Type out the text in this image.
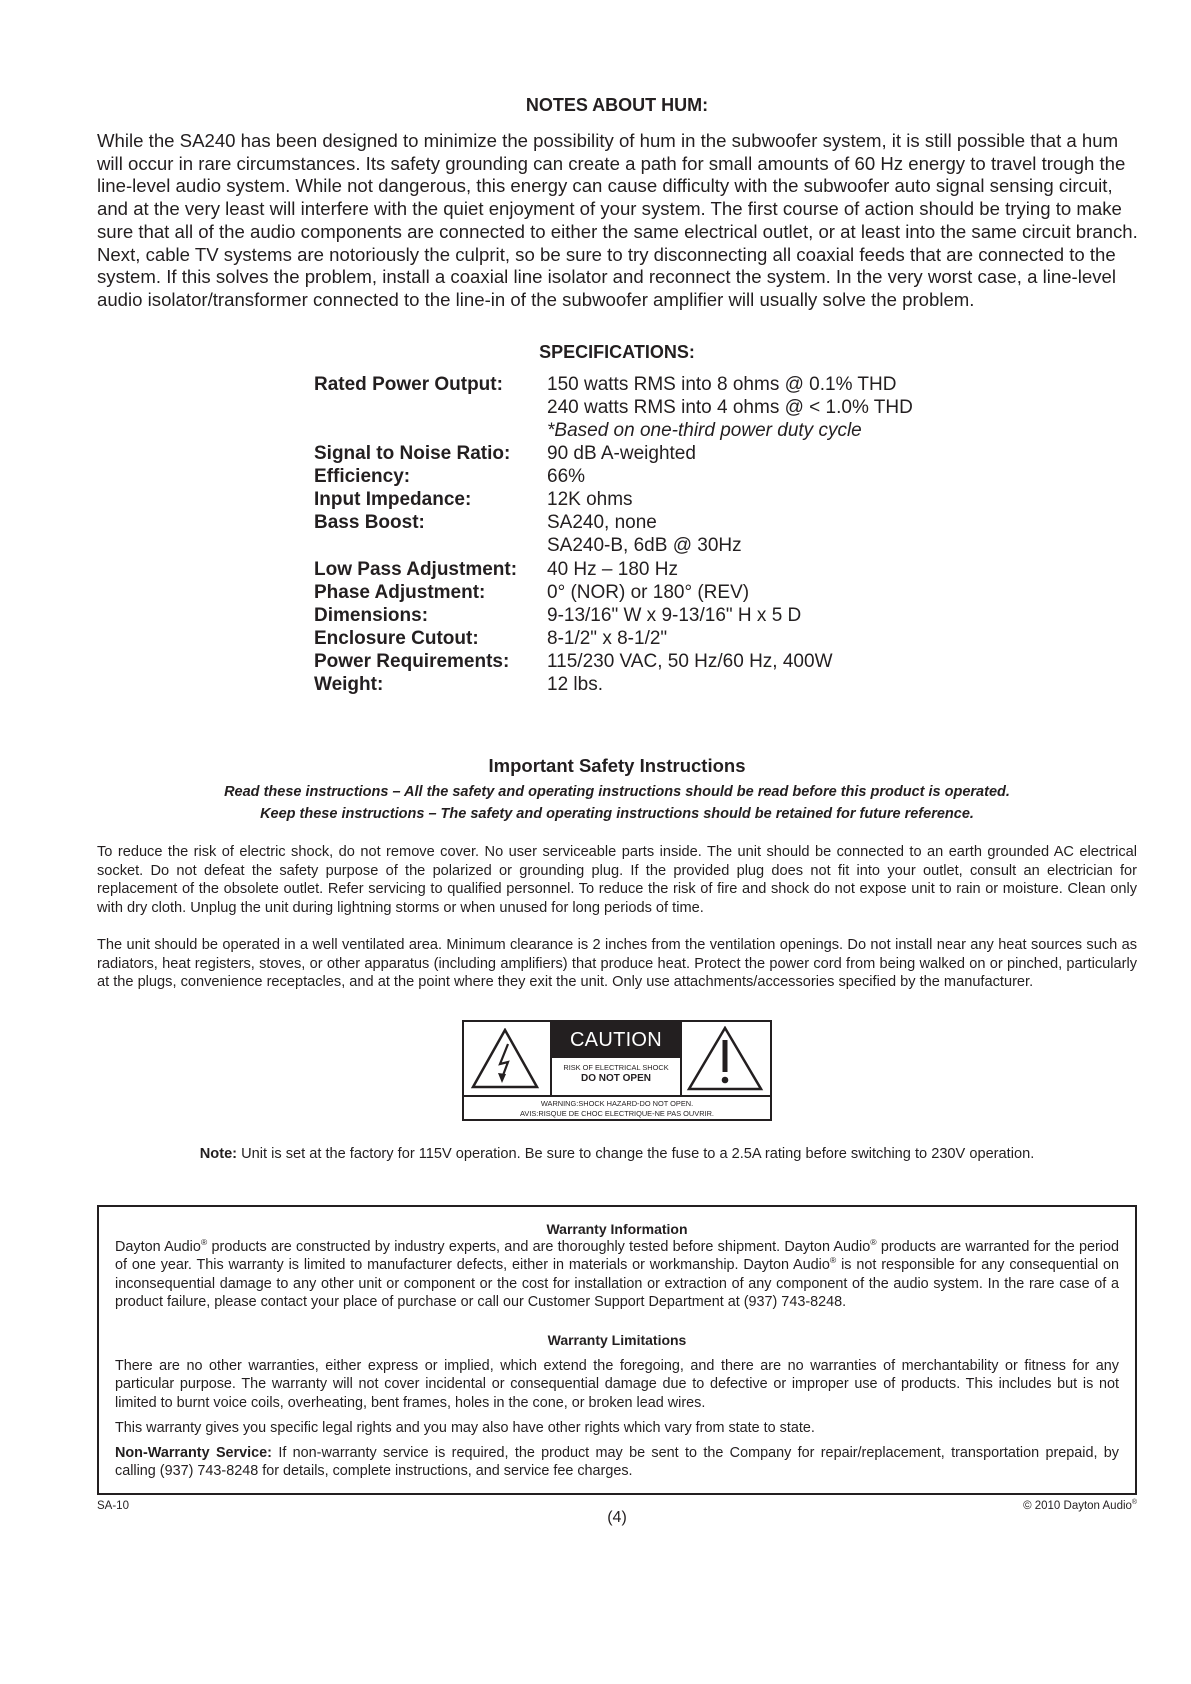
NOTES ABOUT HUM:
While the SA240 has been designed to minimize the possibility of hum in the subwoofer system, it is still possible that a hum will occur in rare circumstances. Its safety grounding can create a path for small amounts of 60 Hz energy to travel trough the line-level audio system. While not dangerous, this energy can cause difficulty with the subwoofer auto signal sensing circuit, and at the very least will interfere with the quiet enjoyment of your system. The first course of action should be trying to make sure that all of the audio components are connected to either the same electrical outlet, or at least into the same circuit branch. Next, cable TV systems are notoriously the culprit, so be sure to try disconnecting all coaxial feeds that are connected to the system. If this solves the problem, install a coaxial line isolator and reconnect the system. In the very worst case, a line-level audio isolator/transformer connected to the line-in of the subwoofer amplifier will usually solve the problem.
SPECIFICATIONS:
Rated Power Output:	150 watts RMS into 8 ohms @ 0.1% THD
240 watts RMS into 4 ohms @ < 1.0% THD
*Based on one-third power duty cycle
Signal to Noise Ratio:	90 dB A-weighted
Efficiency:	66%
Input Impedance:	12K ohms
Bass Boost:	SA240, none
SA240-B, 6dB @ 30Hz
Low Pass Adjustment:	40 Hz – 180 Hz
Phase Adjustment:	0° (NOR) or 180° (REV)
Dimensions:	9-13/16" W x 9-13/16" H x 5 D
Enclosure Cutout:	8-1/2" x 8-1/2"
Power Requirements:	115/230 VAC, 50 Hz/60 Hz, 400W
Weight:	12 lbs.
Important Safety Instructions
Read these instructions – All the safety and operating instructions should be read before this product is operated.
Keep these instructions – The safety and operating instructions should be retained for future reference.
To reduce the risk of electric shock, do not remove cover. No user serviceable parts inside. The unit should be connected to an earth grounded AC electrical socket. Do not defeat the safety purpose of the polarized or grounding plug. If the provided plug does not fit into your outlet, consult an electrician for replacement of the obsolete outlet. Refer servicing to qualified personnel. To reduce the risk of fire and shock do not expose unit to rain or moisture. Clean only with dry cloth. Unplug the unit during lightning storms or when unused for long periods of time.
The unit should be operated in a well ventilated area. Minimum clearance is 2 inches from the ventilation openings. Do not install near any heat sources such as radiators, heat registers, stoves, or other apparatus (including amplifiers) that produce heat. Protect the power cord from being walked on or pinched, particularly at the plugs, convenience receptacles, and at the point where they exit the unit. Only use attachments/accessories specified by the manufacturer.
CAUTION
RISK OF ELECTRICAL SHOCK
DO NOT OPEN
WARNING:SHOCK HAZARD-DO NOT OPEN.
AVIS:RISQUE DE CHOC ELECTRIQUE-NE PAS OUVRIR.
Note: Unit is set at the factory for 115V operation. Be sure to change the fuse to a 2.5A rating before switching to 230V operation.
Warranty Information

Dayton Audio® products are constructed by industry experts, and are thoroughly tested before shipment. Dayton Audio® products are warranted for the period of one year. This warranty is limited to manufacturer defects, either in materials or workmanship. Dayton Audio® is not responsible for any consequential on inconsequential damage to any other unit or component or the cost for installation or extraction of any component of the audio system. In the rare case of a product failure, please contact your place of purchase or call our Customer Support Department at (937) 743-8248.

Warranty Limitations

There are no other warranties, either express or implied, which extend the foregoing, and there are no warranties of merchantability or fitness for any particular purpose. The warranty will not cover incidental or consequential damage due to defective or improper use of products. This includes but is not limited to burnt voice coils, overheating, bent frames, holes in the cone, or broken lead wires.

This warranty gives you specific legal rights and you may also have other rights which vary from state to state.

Non-Warranty Service: If non-warranty service is required, the product may be sent to the Company for repair/replacement, transportation prepaid, by calling (937) 743-8248 for details, complete instructions, and service fee charges.

SA-10
(4)
© 2010 Dayton Audio®
